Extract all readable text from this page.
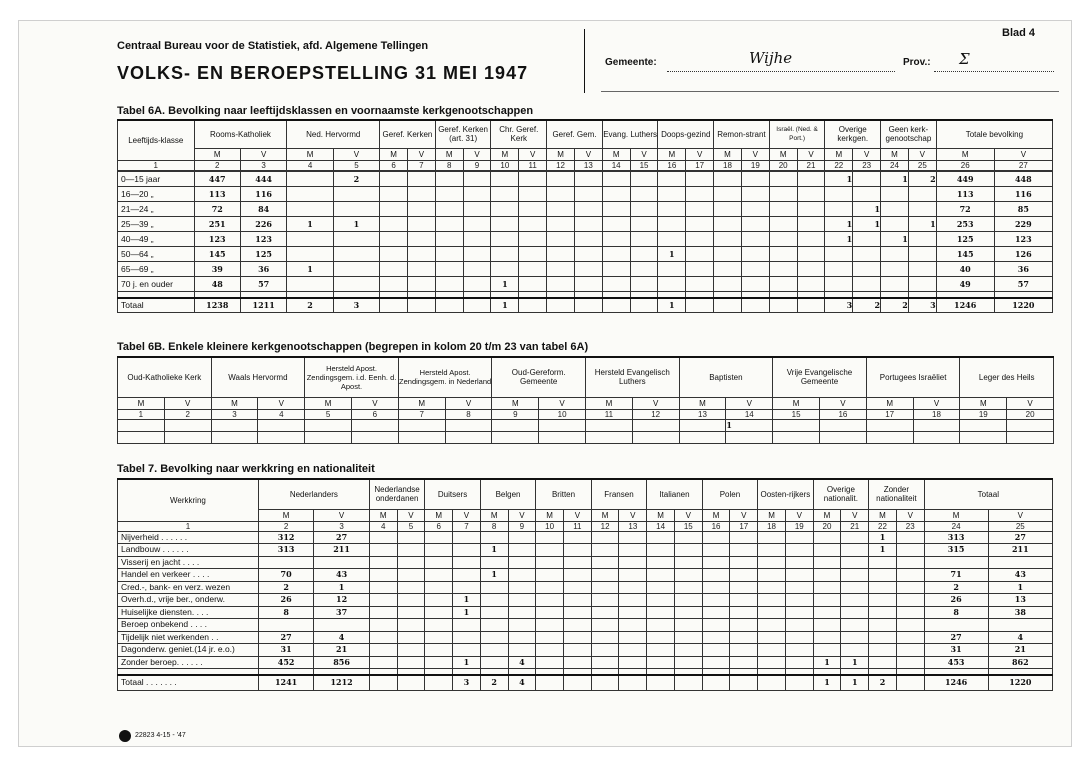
Centraal Bureau voor de Statistiek, afd. Algemene Tellingen
VOLKS- EN BEROEPSTELLING 31 MEI 1947
Blad 4
Gemeente:	Wijhe	Prov.: Σ
Tabel 6A. Bevolking naar leeftijdsklassen en voornaamste kerkgenootschappen
Leeftijds-klasse	Rooms-Katholiek		Ned. Hervormd		Geref. Kerken		Geref. Kerken (art. 31)		Chr. Geref. Kerk		Geref. Gem.		Evang. Luthers		Doops-gezind		Remon-strant		Israël. (Ned. & Port.)		Overige kerkgen.		Geen kerk-genootschap		Totale bevolking	
	M	V	M	V	M	V	M	V	M	V	M	V	M	V	M	V	M	V	M	V	M	V	M	V	M	V
1	2	3	4	5	6	7	8	9	10	11	12	13	14	15	16	17	18	19	20	21	22	23	24	25	26	27
0—15 jaar	447	444		2																	1		1	2	449	448
16—20 „	113	116																							113	116
21—24 „	72	84																				1			72	85
25—39 „	251	226	1	1																	1	1		1	253	229
40—49 „	123	123																			1		1		125	123
50—64 „	145	125													1										145	126
65—69 „	39	36	1																						40	36
70 j. en ouder	48	57							1																49	57

Totaal	1238	1211	2	3					1						1						3	2	2	3	1246	1220
Tabel 6B. Enkele kleinere kerkgenootschappen (begrepen in kolom 20 t/m 23 van tabel 6A)
Oud-Katholieke Kerk		Waals Hervormd		Hersteld Apost. Zendingsgem. i.d. Eenh. d. Apost.		Hersteld Apost. Zendingsgem. in Nederland		Oud-Gereform. Gemeente		Hersteld Evangelisch Luthers		Baptisten		Vrije Evangelische Gemeente		Portugees Israëliet		Leger des Heils	
M	V	M	V	M	V	M	V	M	V	M	V	M	V	M	V	M	V	M	V
1	2	3	4	5	6	7	8	9	10	11	12	13	14	15	16	17	18	19	20
													1						

Tabel 7. Bevolking naar werkkring en nationaliteit
Werkkring	Nederlanders		Nederlandse onderdanen		Duitsers		Belgen		Britten		Fransen		Italianen		Polen		Oosten-rijkers		Overige nationalit.		Zonder nationaliteit		Totaal	
	M	V	M	V	M	V	M	V	M	V	M	V	M	V	M	V	M	V	M	V	M	V	M	V
1	2	3	4	5	6	7	8	9	10	11	12	13	14	15	16	17	18	19	20	21	22	23	24	25
Nijverheid . . . . . .	312	27																			1		313	27
Landbouw . . . . . .	313	211					1														1		315	211
Visserij en jacht . . . .																								
Handel en verkeer . . . .	70	43					1																71	43
Cred.-, bank- en verz. wezen	2	1																					2	1
Overh.d., vrije ber., onderw.	26	12				1																	26	13
Huiselijke diensten. . . .	8	37				1																	8	38
Beroep onbekend . . . .																								
Tijdelijk niet werkenden . .	27	4																					27	4
Dagonderw. geniet.(14 jr. e.o.)	31	21																					31	21
Zonder beroep. . . . . .	452	856				1		4											1	1			453	862

Totaal . . . . . . .	1241	1212				3	2	4											1	1	2		1246	1220
22823 4-15 - '47
